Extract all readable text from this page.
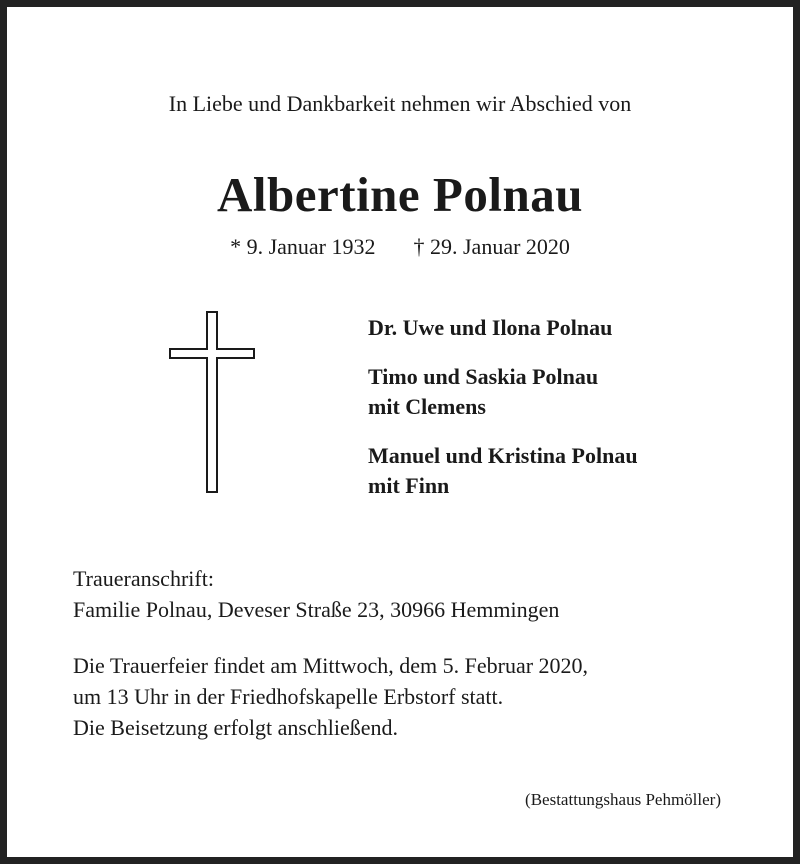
In Liebe und Dankbarkeit nehmen wir Abschied von
Albertine Polnau
* 9. Januar 1932 † 29. Januar 2020
Dr. Uwe und Ilona Polnau
Timo und Saskia Polnau
mit Clemens
Manuel und Kristina Polnau
mit Finn
Traueranschrift:
Familie Polnau, Deveser Straße 23, 30966 Hemmingen
Die Trauerfeier findet am Mittwoch, dem 5. Februar 2020,
um 13 Uhr in der Friedhofskapelle Erbstorf statt.
Die Beisetzung erfolgt anschließend.
(Bestattungshaus Pehmöller)
